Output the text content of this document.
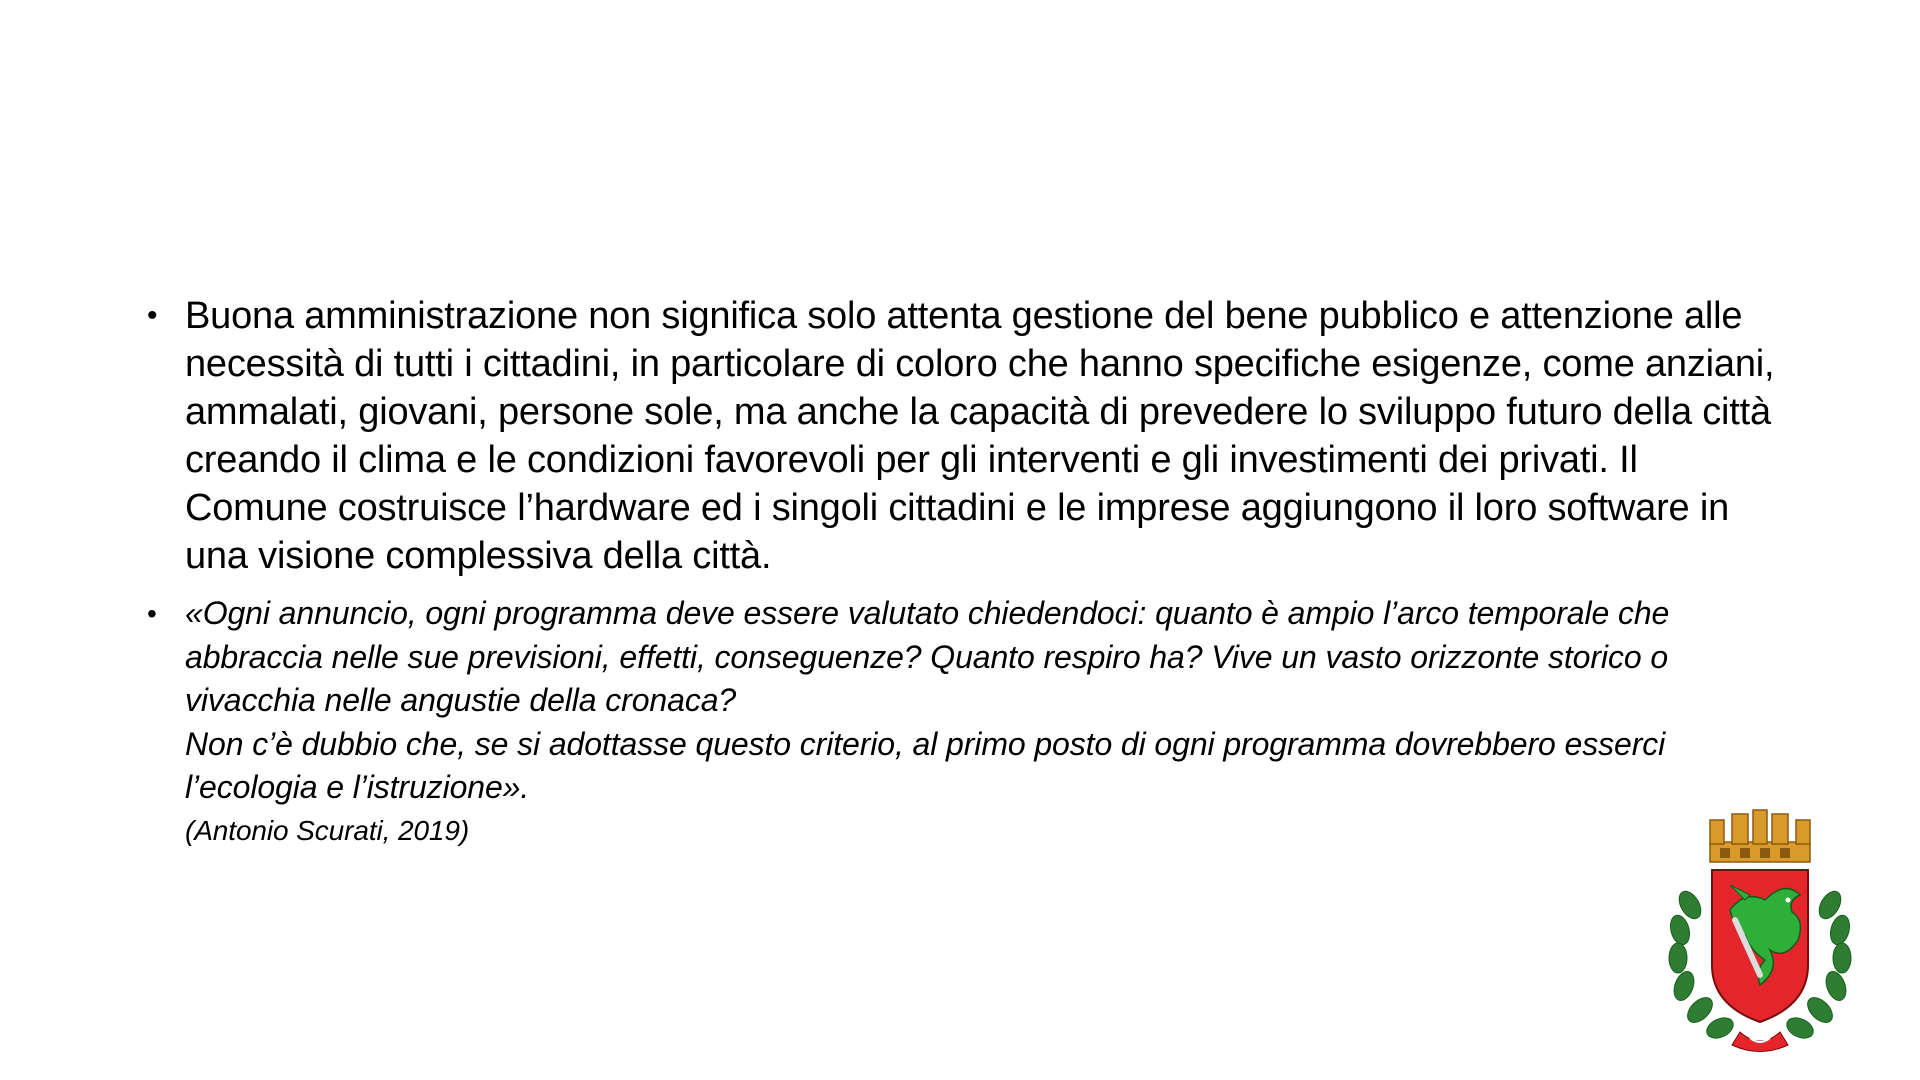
• Buona amministrazione non significa solo attenta gestione del bene pubblico e attenzione alle necessità di tutti i cittadini, in particolare di coloro che hanno specifiche esigenze, come anziani, ammalati, giovani, persone sole, ma anche la capacità di prevedere lo sviluppo futuro della città creando il clima e le condizioni favorevoli per gli interventi e gli investimenti dei privati. Il Comune costruisce l’hardware ed i singoli cittadini e le imprese aggiungono il loro software in una visione complessiva della città.
• «Ogni annuncio, ogni programma deve essere valutato chiedendoci: quanto è ampio l’arco temporale che abbraccia nelle sue previsioni, effetti, conseguenze? Quanto respiro ha? Vive un vasto orizzonte storico o vivacchia nelle angustie della cronaca?
Non c’è dubbio che, se si adottasse questo criterio, al primo posto di ogni programma dovrebbero esserci l’ecologia e l’istruzione».
(Antonio Scurati, 2019)
